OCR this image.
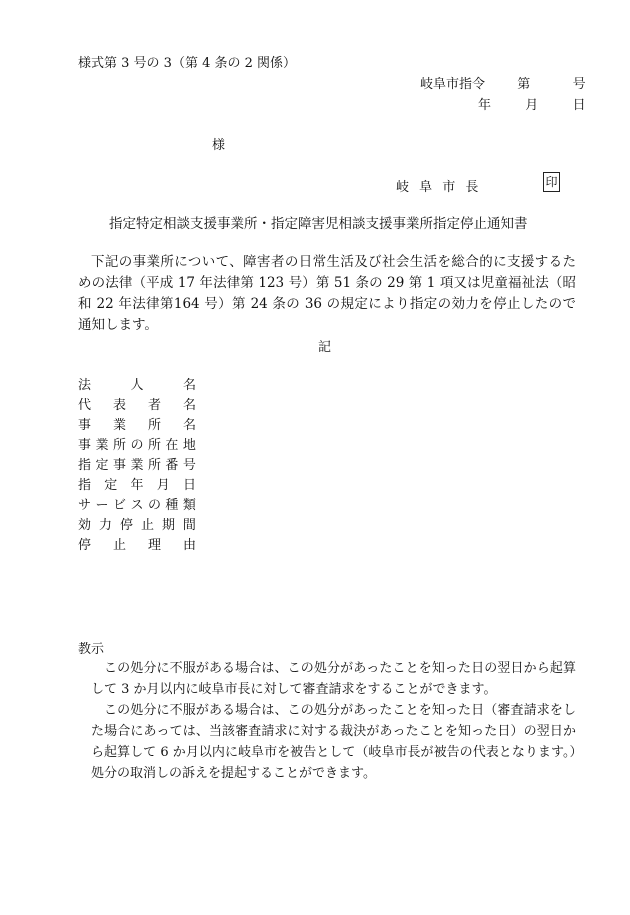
様式第 3 号の 3（第 4 条の 2 関係）
岐阜市指令 第	号
年	月	日
様
岐 阜 市 長	印
指定特定相談支援事業所・指定障害児相談支援事業所指定停止通知書
下記の事業所について、障害者の日常生活及び社会生活を総合的に支援するための法律（平成 17 年法律第 123 号）第 51 条の 29 第 1 項又は児童福祉法（昭和 22 年法律第164 号）第 24 条の 36 の規定により指定の効力を停止したので通知します。
記
法	人	名
代 表 者 名
事 業 所 名
事 業 所 の 所 在 地
指 定 事 業 所 番 号
指 定 年 月 日
サ ー ビ ス の 種 類
効 力 停 止 期 間
停 止 理 由
教示
この処分に不服がある場合は、この処分があったことを知った日の翌日から起算して 3 か月以内に岐阜市長に対して審査請求をすることができます。
この処分に不服がある場合は、この処分があったことを知った日（審査請求をした場合にあっては、当該審査請求に対する裁決があったことを知った日）の翌日から起算して 6 か月以内に岐阜市を被告として（岐阜市長が被告の代表となります。）処分の取消しの訴えを提起することができます。
